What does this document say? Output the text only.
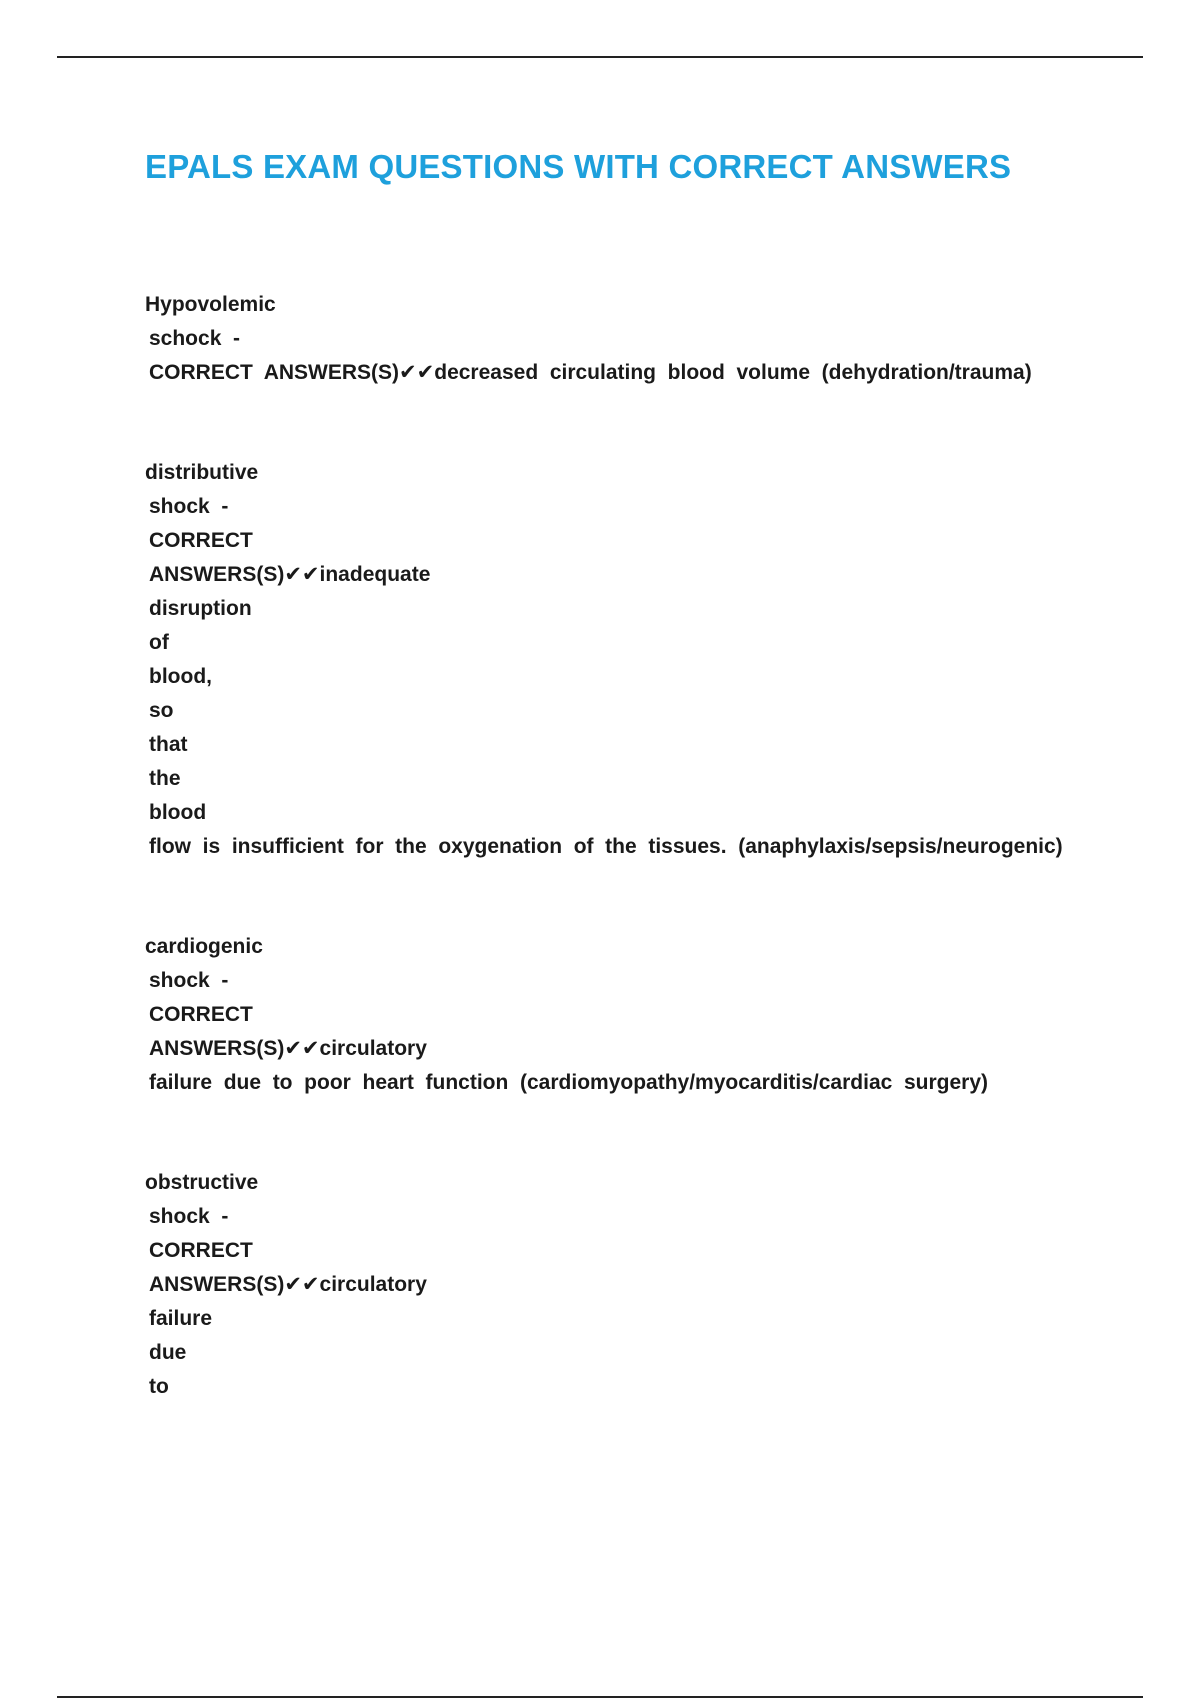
EPALS EXAM QUESTIONS WITH CORRECT ANSWERS
Hypovolemic
schock  -
CORRECT  ANSWERS(S)✔✔decreased  circulating  blood  volume  (dehydration/trauma)
distributive
shock  -
CORRECT
ANSWERS(S)✔✔inadequate
disruption
of
blood,
so
that
the
blood
flow  is  insufficient  for  the  oxygenation  of  the  tissues.  (anaphylaxis/sepsis/neurogenic)
cardiogenic
shock  -
CORRECT
ANSWERS(S)✔✔circulatory
failure  due  to  poor  heart  function  (cardiomyopathy/myocarditis/cardiac  surgery)
obstructive
shock  -
CORRECT
ANSWERS(S)✔✔circulatory
failure
due
to
